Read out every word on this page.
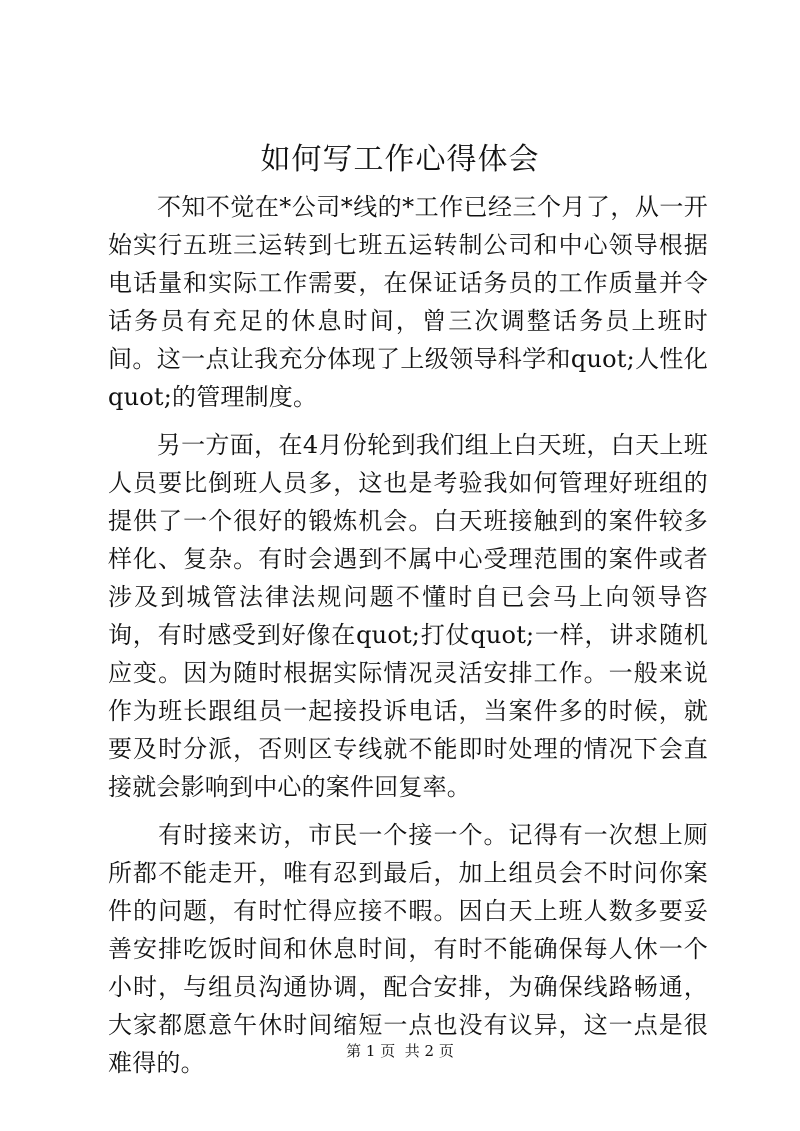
如何写工作心得体会

　　不知不觉在*公司*线的*工作已经三个月了，从一开始实行五班三运转到七班五运转制公司和中心领导根据电话量和实际工作需要，在保证话务员的工作质量并令话务员有充足的休息时间，曾三次调整话务员上班时间。这一点让我充分体现了上级领导科学和quot;人性化quot;的管理制度。

　　另一方面，在4月份轮到我们组上白天班，白天上班人员要比倒班人员多，这也是考验我如何管理好班组的提供了一个很好的锻炼机会。白天班接触到的案件较多样化、复杂。有时会遇到不属中心受理范围的案件或者涉及到城管法律法规问题不懂时自已会马上向领导咨询，有时感受到好像在quot;打仗quot;一样，讲求随机应变。因为随时根据实际情况灵活安排工作。一般来说作为班长跟组员一起接投诉电话，当案件多的时候，就要及时分派，否则区专线就不能即时处理的情况下会直接就会影响到中心的案件回复率。

　　有时接来访，市民一个接一个。记得有一次想上厕所都不能走开，唯有忍到最后，加上组员会不时问你案件的问题，有时忙得应接不暇。因白天上班人数多要妥善安排吃饭时间和休息时间，有时不能确保每人休一个小时，与组员沟通协调，配合安排，为确保线路畅通，大家都愿意午休时间缩短一点也没有议异，这一点是很难得的。	第 1 页  共 2 页
